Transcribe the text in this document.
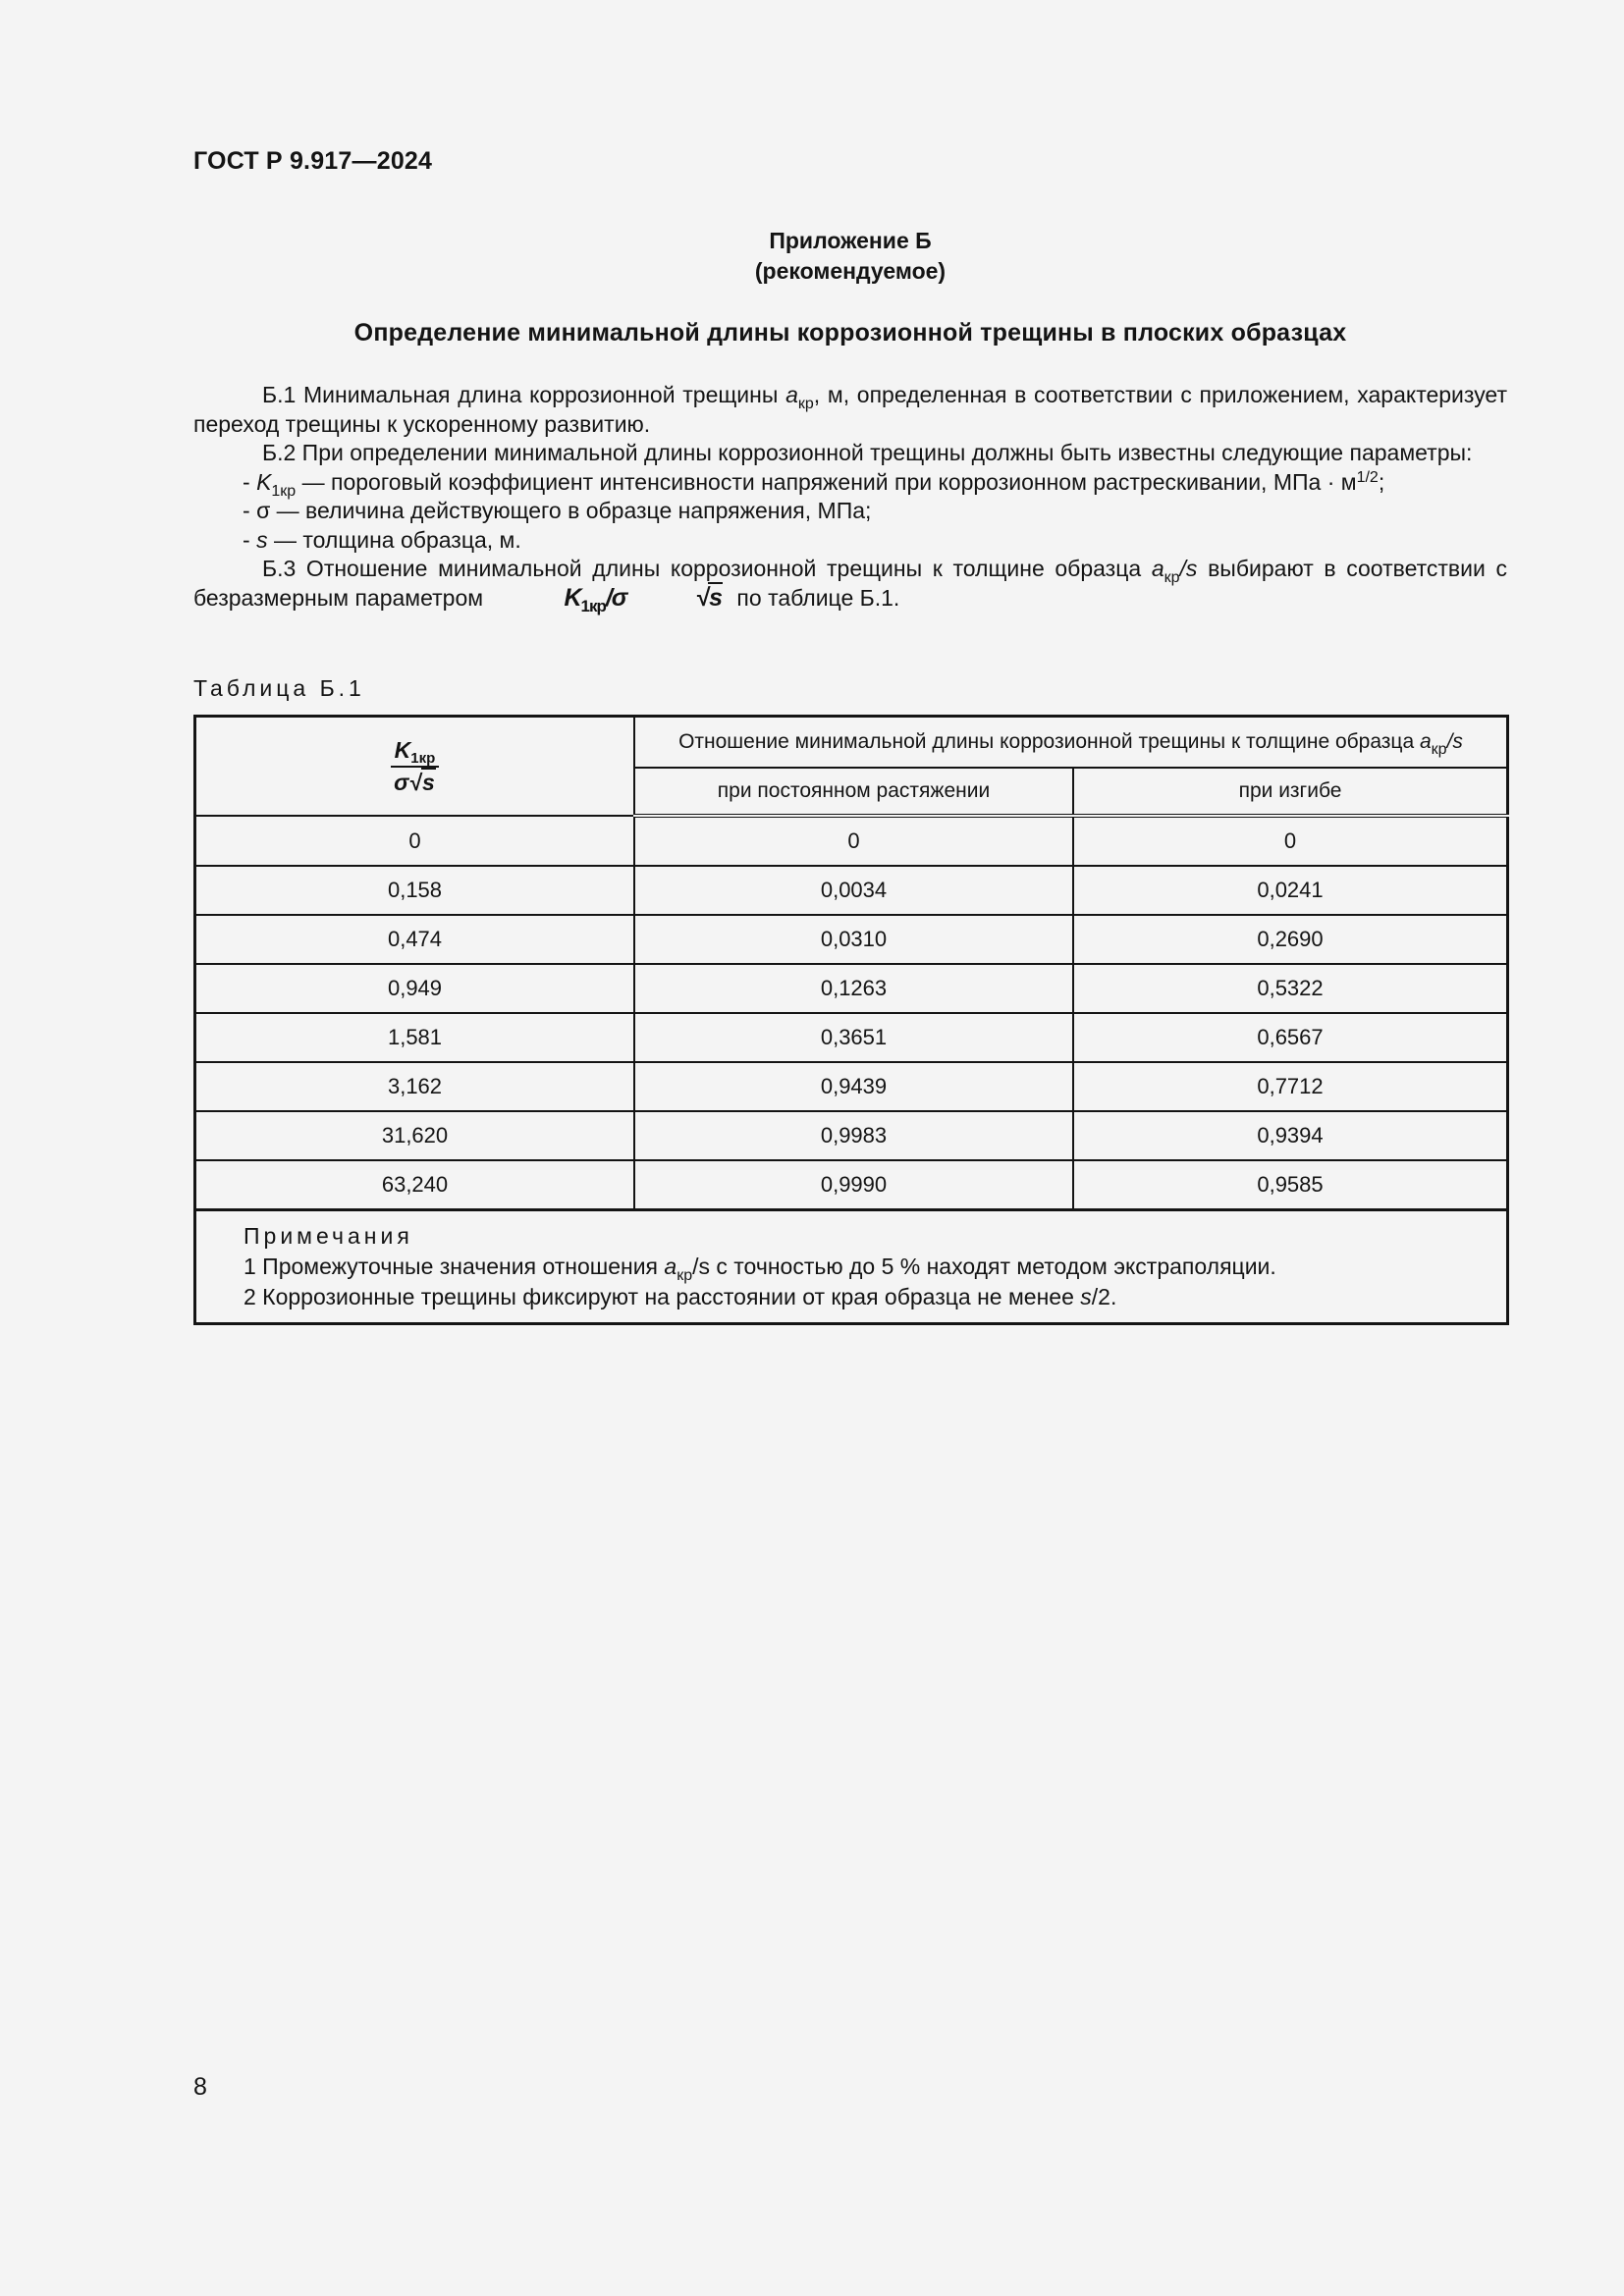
ГОСТ Р 9.917—2024
Приложение Б
(рекомендуемое)
Определение минимальной длины коррозионной трещины в плоских образцах

Б.1 Минимальная длина коррозионной трещины $a_{кр}$, м, определенная в соответствии с приложением, характеризует переход трещины к ускоренному развитию.

Б.2 При определении минимальной длины коррозионной трещины должны быть известны следующие параметры:

- $K_{1кр}$ — пороговый коэффициент интенсивности напряжений при коррозионном растрескивании, МПа · $м^{1/2}$;

- σ — величина действующего в образце напряжения, МПа;

- s — толщина образца, м.

Б.3 Отношение минимальной длины коррозионной трещины к толщине образца $a_{кр}/s$ выбирают в соответствии с безразмерным параметром	$K_{1кр}/\sigma$	√s по таблице Б.1.

Таблица Б.1
$\frac{K_{1кр}}{\sigma√s}$	Отношение минимальной длины коррозионной трещины к толщине образца $a_{кр}/s$	
	при постоянном растяжении	при изгибе
0	0	0
0,158	0,0034	0,0241
0,474	0,0310	0,2690
0,949	0,1263	0,5322
1,581	0,3651	0,6567
3,162	0,9439	0,7712
31,620	0,9983	0,9394
63,240	0,9990	0,9585

Примечания
1 Промежуточные значения отношения $a_{кр}/s$ с точностью до 5 % находят методом экстраполяции.
2 Коррозионные трещины фиксируют на расстоянии от края образца не менее s/2.		
8
